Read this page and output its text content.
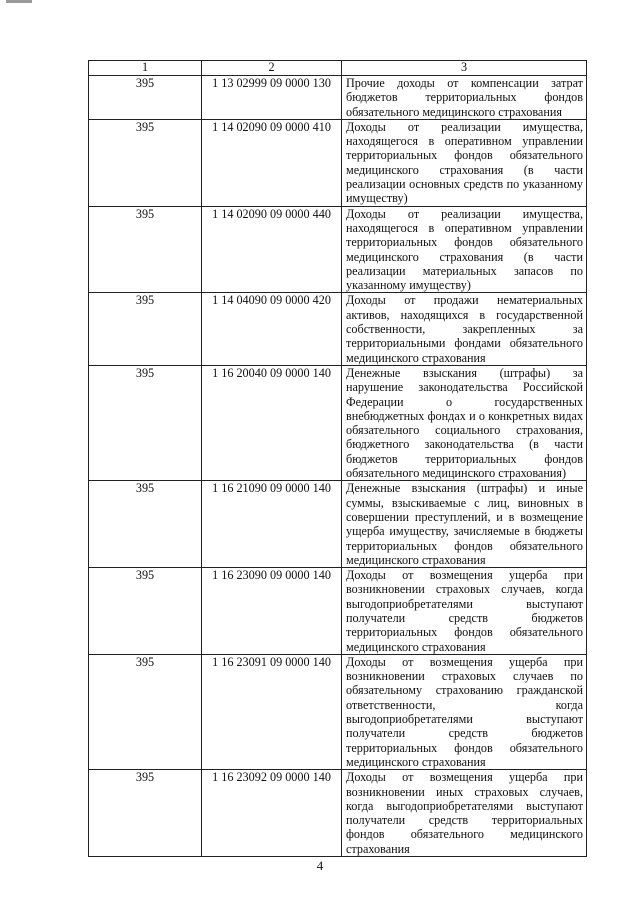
1	2	3
395	1 13 02999 09 0000 130	Прочие доходы от компенсации затрат бюджетов территориальных фондов обязательного медицинского страхования
395	1 14 02090 09 0000 410	Доходы от реализации имущества, находящегося в оперативном управлении территориальных фондов обязательного медицинского страхования (в части реализации основных средств по указанному имуществу)
395	1 14 02090 09 0000 440	Доходы от реализации имущества, находящегося в оперативном управлении территориальных фондов обязательного медицинского страхования (в части реализации материальных запасов по указанному имуществу)
395	1 14 04090 09 0000 420	Доходы от продажи нематериальных активов, находящихся в государственной собственности, закрепленных за территориальными фондами обязательного медицинского страхования
395	1 16 20040 09 0000 140	Денежные взыскания (штрафы) за нарушение законодательства Российской Федерации о государственных внебюджетных фондах и о конкретных видах обязательного социального страхования, бюджетного законодательства (в части бюджетов территориальных фондов обязательного медицинского страхования)
395	1 16 21090 09 0000 140	Денежные взыскания (штрафы) и иные суммы, взыскиваемые с лиц, виновных в совершении преступлений, и в возмещение ущерба имуществу, зачисляемые в бюджеты территориальных фондов обязательного медицинского страхования
395	1 16 23090 09 0000 140	Доходы от возмещения ущерба при возникновении страховых случаев, когда выгодоприобретателями выступают получатели средств бюджетов территориальных фондов обязательного медицинского страхования
395	1 16 23091 09 0000 140	Доходы от возмещения ущерба при возникновении страховых случаев по обязательному страхованию гражданской ответственности, когда выгодоприобретателями выступают получатели средств бюджетов территориальных фондов обязательного медицинского страхования
395	1 16 23092 09 0000 140	Доходы от возмещения ущерба при возникновении иных страховых случаев, когда выгодоприобретателями выступают получатели средств территориальных фондов обязательного медицинского страхования
4
